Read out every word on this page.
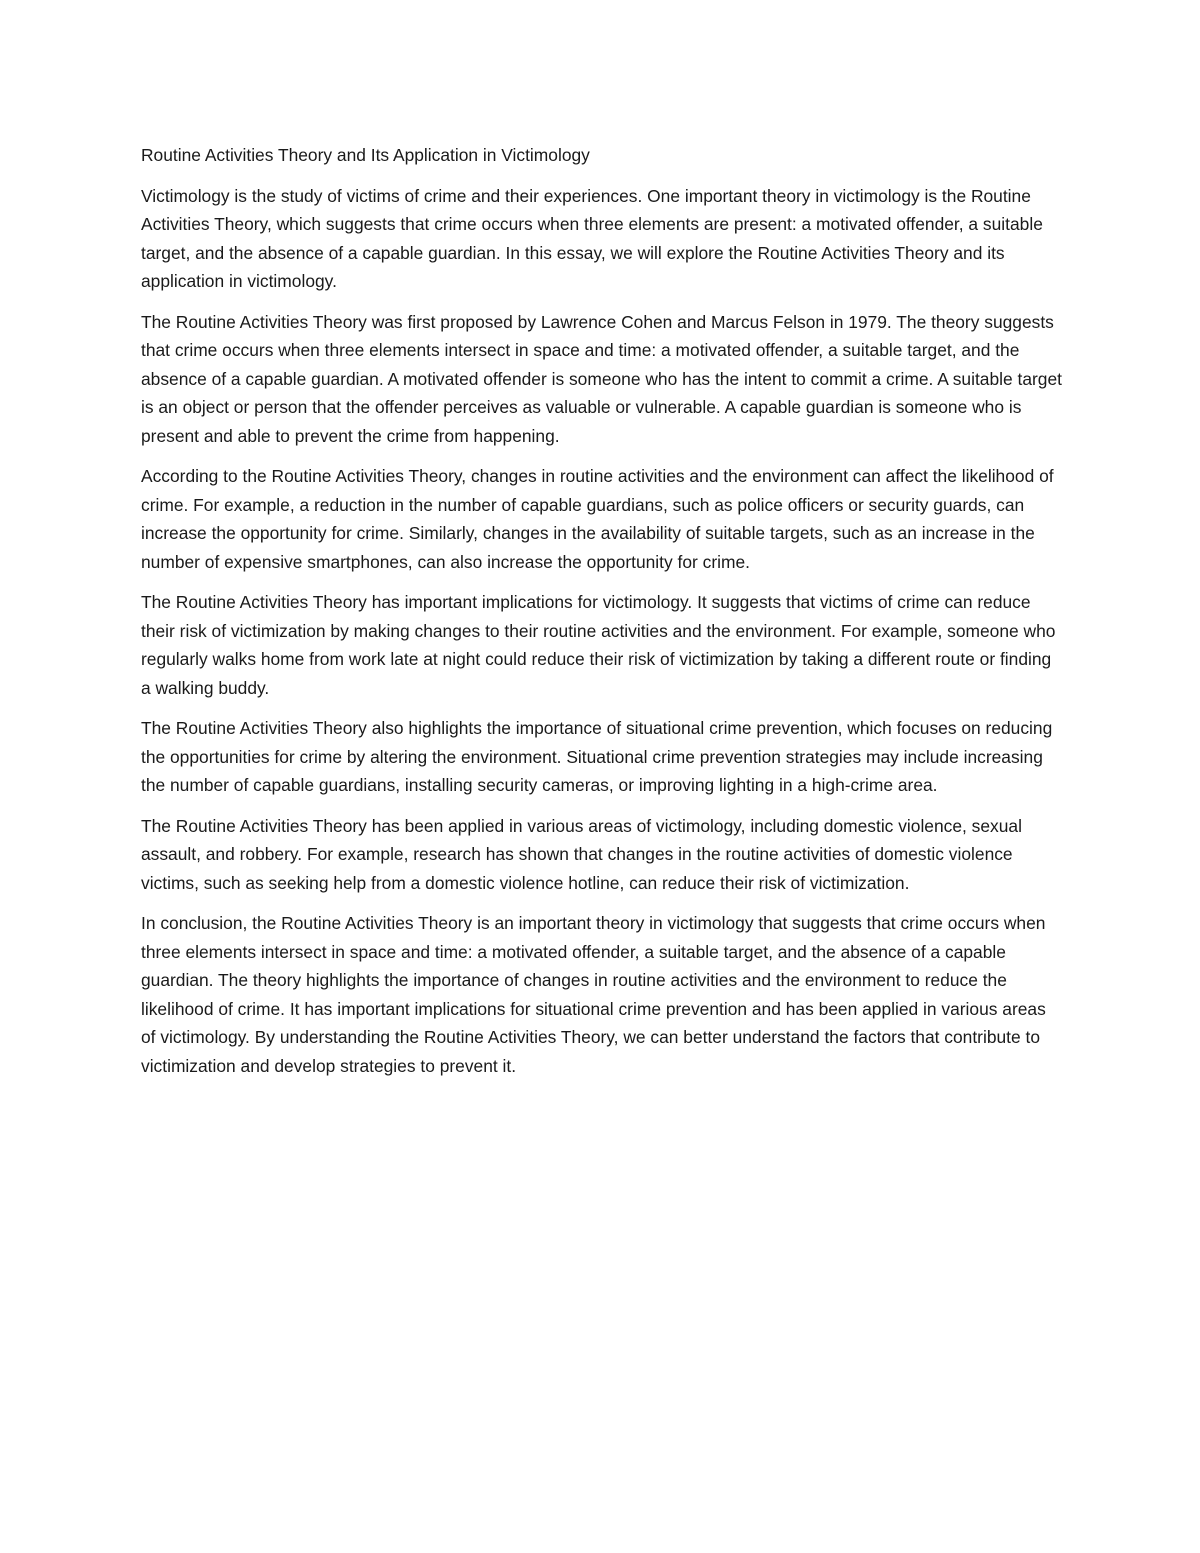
Routine Activities Theory and Its Application in Victimology

Victimology is the study of victims of crime and their experiences. One important theory in victimology is the Routine Activities Theory, which suggests that crime occurs when three elements are present: a motivated offender, a suitable target, and the absence of a capable guardian. In this essay, we will explore the Routine Activities Theory and its application in victimology.

The Routine Activities Theory was first proposed by Lawrence Cohen and Marcus Felson in 1979. The theory suggests that crime occurs when three elements intersect in space and time: a motivated offender, a suitable target, and the absence of a capable guardian. A motivated offender is someone who has the intent to commit a crime. A suitable target is an object or person that the offender perceives as valuable or vulnerable. A capable guardian is someone who is present and able to prevent the crime from happening.

According to the Routine Activities Theory, changes in routine activities and the environment can affect the likelihood of crime. For example, a reduction in the number of capable guardians, such as police officers or security guards, can increase the opportunity for crime. Similarly, changes in the availability of suitable targets, such as an increase in the number of expensive smartphones, can also increase the opportunity for crime.

The Routine Activities Theory has important implications for victimology. It suggests that victims of crime can reduce their risk of victimization by making changes to their routine activities and the environment. For example, someone who regularly walks home from work late at night could reduce their risk of victimization by taking a different route or finding a walking buddy.

The Routine Activities Theory also highlights the importance of situational crime prevention, which focuses on reducing the opportunities for crime by altering the environment. Situational crime prevention strategies may include increasing the number of capable guardians, installing security cameras, or improving lighting in a high-crime area.

The Routine Activities Theory has been applied in various areas of victimology, including domestic violence, sexual assault, and robbery. For example, research has shown that changes in the routine activities of domestic violence victims, such as seeking help from a domestic violence hotline, can reduce their risk of victimization.

In conclusion, the Routine Activities Theory is an important theory in victimology that suggests that crime occurs when three elements intersect in space and time: a motivated offender, a suitable target, and the absence of a capable guardian. The theory highlights the importance of changes in routine activities and the environment to reduce the likelihood of crime. It has important implications for situational crime prevention and has been applied in various areas of victimology. By understanding the Routine Activities Theory, we can better understand the factors that contribute to victimization and develop strategies to prevent it.
